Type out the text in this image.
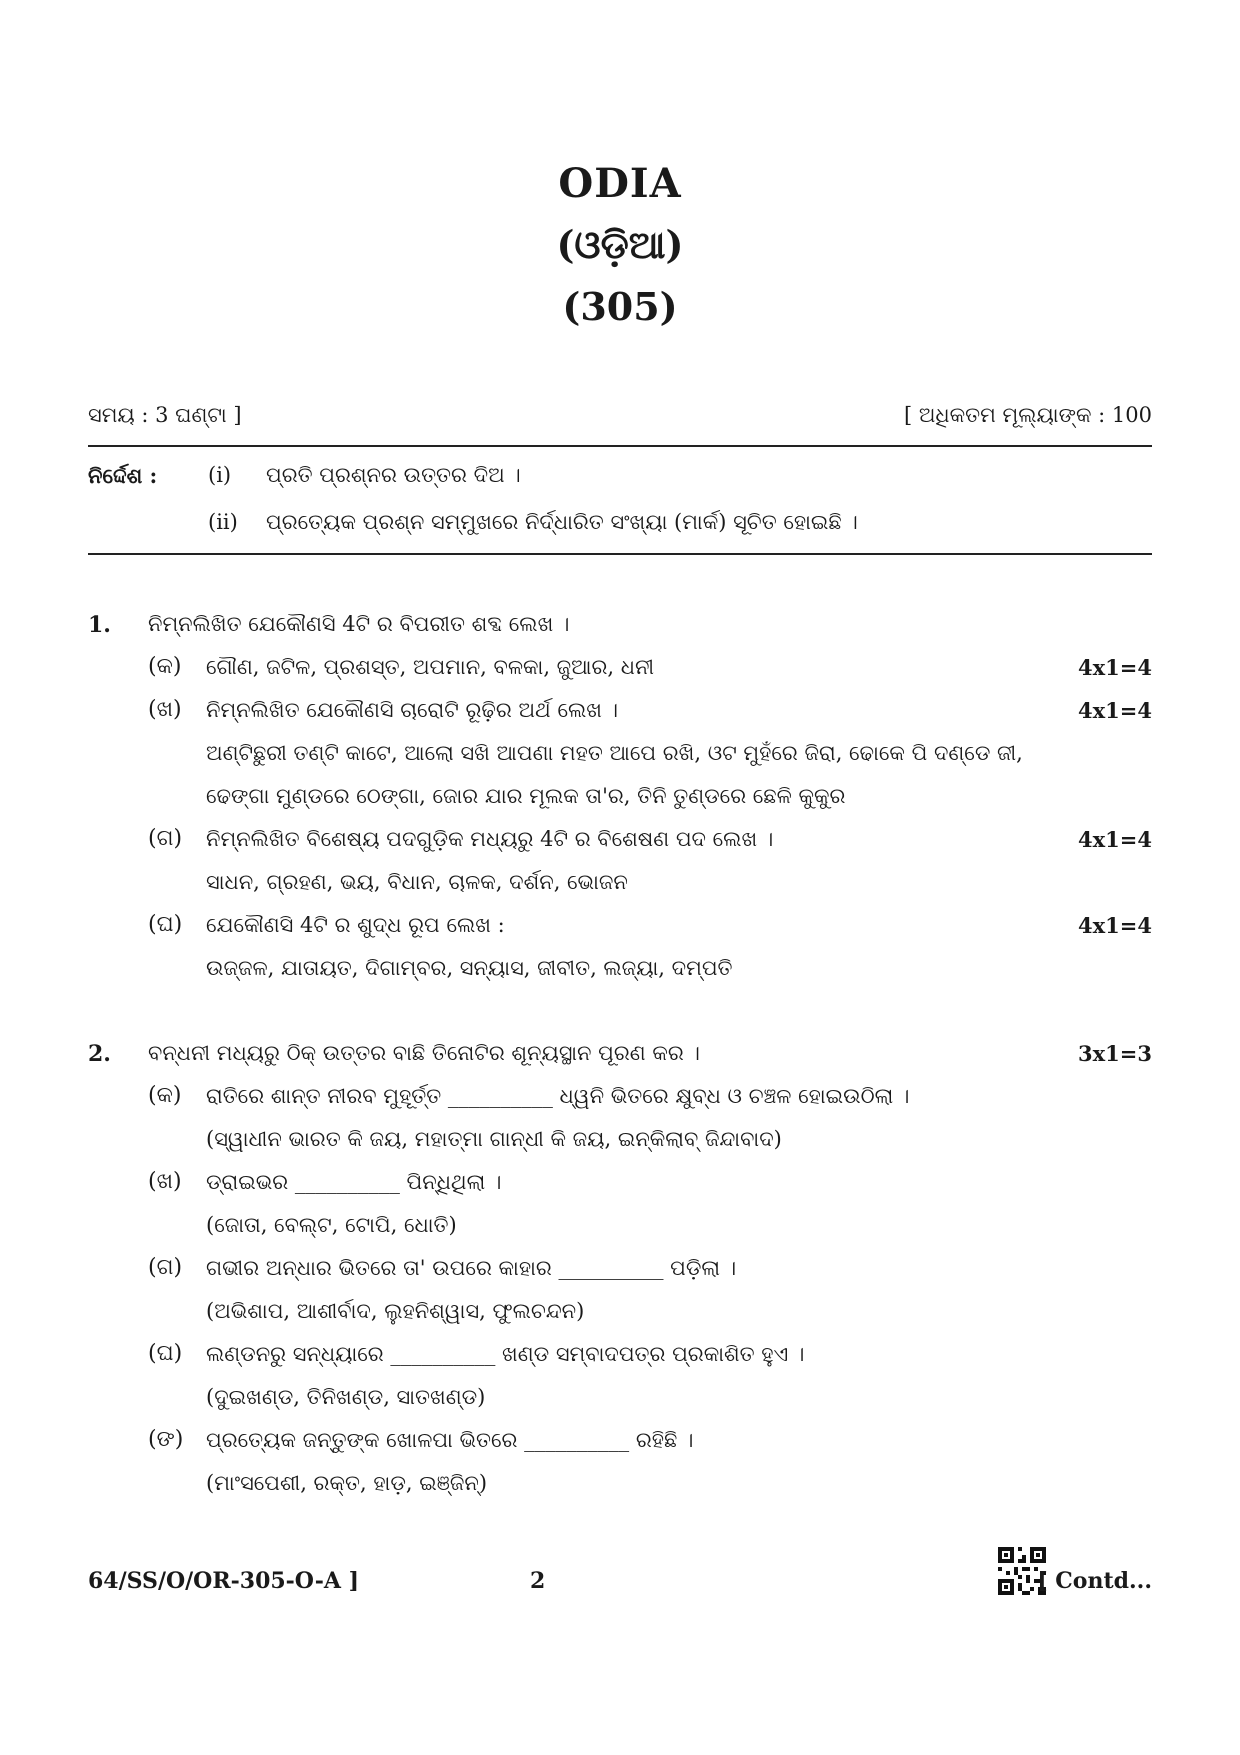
ODIA
(ଓଡ଼ିଆ)
(305)
ସମୟ : 3 ଘଣ୍ଟା ]	[ ଅଧିକତମ ମୂଲ୍ୟାଙ୍କ : 100
ନିର୍ଦ୍ଦେଶ : (i) ପ୍ରତି ପ୍ରଶ୍ନର ଉତ୍ତର ଦିଅ ।
(ii) ପ୍ରତ୍ୟେକ ପ୍ରଶ୍ନ ସମ୍ମୁଖରେ ନିର୍ଦ୍ଧାରିତ ସଂଖ୍ୟା (ମାର୍କ) ସୂଚିତ ହୋଇଛି ।
1. ନିମ୍ନଲିଖିତ ଯେକୌଣସି 4ଟି ର ବିପରୀତ ଶବ୍ଦ ଲେଖ ।
(କ) ଗୌଣ, ଜଟିଳ, ପ୍ରଶସ୍ତ, ଅପମାନ, ବଳକା, ଜୁଆର, ଧନୀ	4x1=4
(ଖ) ନିମ୍ନଲିଖିତ ଯେକୌଣସି ଚାରୋଟି ରୂଢ଼ିର ଅର୍ଥ ଲେଖ ।	4x1=4
ଅଣ୍ଟିଛୁରୀ ତଣ୍ଟି କାଟେ, ଆଲୋ ସଖି ଆପଣା ମହତ ଆପେ ରଖି, ଓଟ ମୁହଁରେ ଜିରା, ଢୋକେ ପି ଦଣ୍ଡେ ଜୀ,
ଢେଙ୍ଗା ମୁଣ୍ଡରେ ଠେଙ୍ଗା, ଜୋର ଯାର ମୂଲକ ତା'ର, ତିନି ତୁଣ୍ଡରେ ଛେଳି କୁକୁର
(ଗ) ନିମ୍ନଲିଖିତ ବିଶେଷ୍ୟ ପଦଗୁଡ଼ିକ ମଧ୍ୟରୁ 4ଟି ର ବିଶେଷଣ ପଦ ଲେଖ ।	4x1=4
ସାଧନ, ଗ୍ରହଣ, ଭୟ, ବିଧାନ, ଚାଳକ, ଦର୍ଶନ, ଭୋଜନ
(ଘ) ଯେକୌଣସି 4ଟି ର ଶୁଦ୍ଧ ରୂପ ଲେଖ :	4x1=4
ଉଜ୍ଜଳ, ଯାତାୟତ, ଦିଗାମ୍ବର, ସନ୍ୟାସ, ଜୀବୀତ, ଲଜ୍ୟା, ଦମ୍ପତି
2. ବନ୍ଧନୀ ମଧ୍ୟରୁ ଠିକ୍ ଉତ୍ତର ବାଛି ତିନୋଟିର ଶୂନ୍ୟସ୍ଥାନ ପୂରଣ କର ।	3x1=3
(କ) ରାତିରେ ଶାନ୍ତ ନୀରବ ମୁହୂର୍ତ୍ତ __________ ଧ୍ୱନି ଭିତରେ କ୍ଷୁବ୍ଧ ଓ ଚଞ୍ଚଳ ହୋଇଉଠିଲା ।
(ସ୍ୱାଧୀନ ଭାରତ କି ଜୟ, ମହାତ୍ମା ଗାନ୍ଧୀ କି ଜୟ, ଇନ୍‌କିଲାବ୍ ଜିନ୍ଦାବାଦ)
(ଖ) ଡ୍ରାଇଭର __________ ପିନ୍ଧିଥିଲା ।
(ଜୋତା, ବେଲ୍ଟ, ଟୋପି, ଧୋତି)
(ଗ) ଗଭୀର ଅନ୍ଧାର ଭିତରେ ତା' ଉପରେ କାହାର __________ ପଡ଼ିଲା ।
(ଅଭିଶାପ, ଆଶୀର୍ବାଦ, ଲୁହନିଶ୍ୱାସ, ଫୁଲଚନ୍ଦନ)
(ଘ) ଲଣ୍ଡନରୁ ସନ୍ଧ୍ୟାରେ __________ ଖଣ୍ଡ ସମ୍ବାଦପତ୍ର ପ୍ରକାଶିତ ହୁଏ ।
(ଦୁଇଖଣ୍ଡ, ତିନିଖଣ୍ଡ, ସାତଖଣ୍ଡ)
(ଙ) ପ୍ରତ୍ୟେକ ଜନ୍ତୁଙ୍କ ଖୋଳପା ଭିତରେ __________ ରହିଛି ।
(ମାଂସପେଶୀ, ରକ୍ତ, ହାଡ଼, ଇଞ୍ଜିନ୍)
64/SS/O/OR-305-O-A ]	2	[ Contd...
